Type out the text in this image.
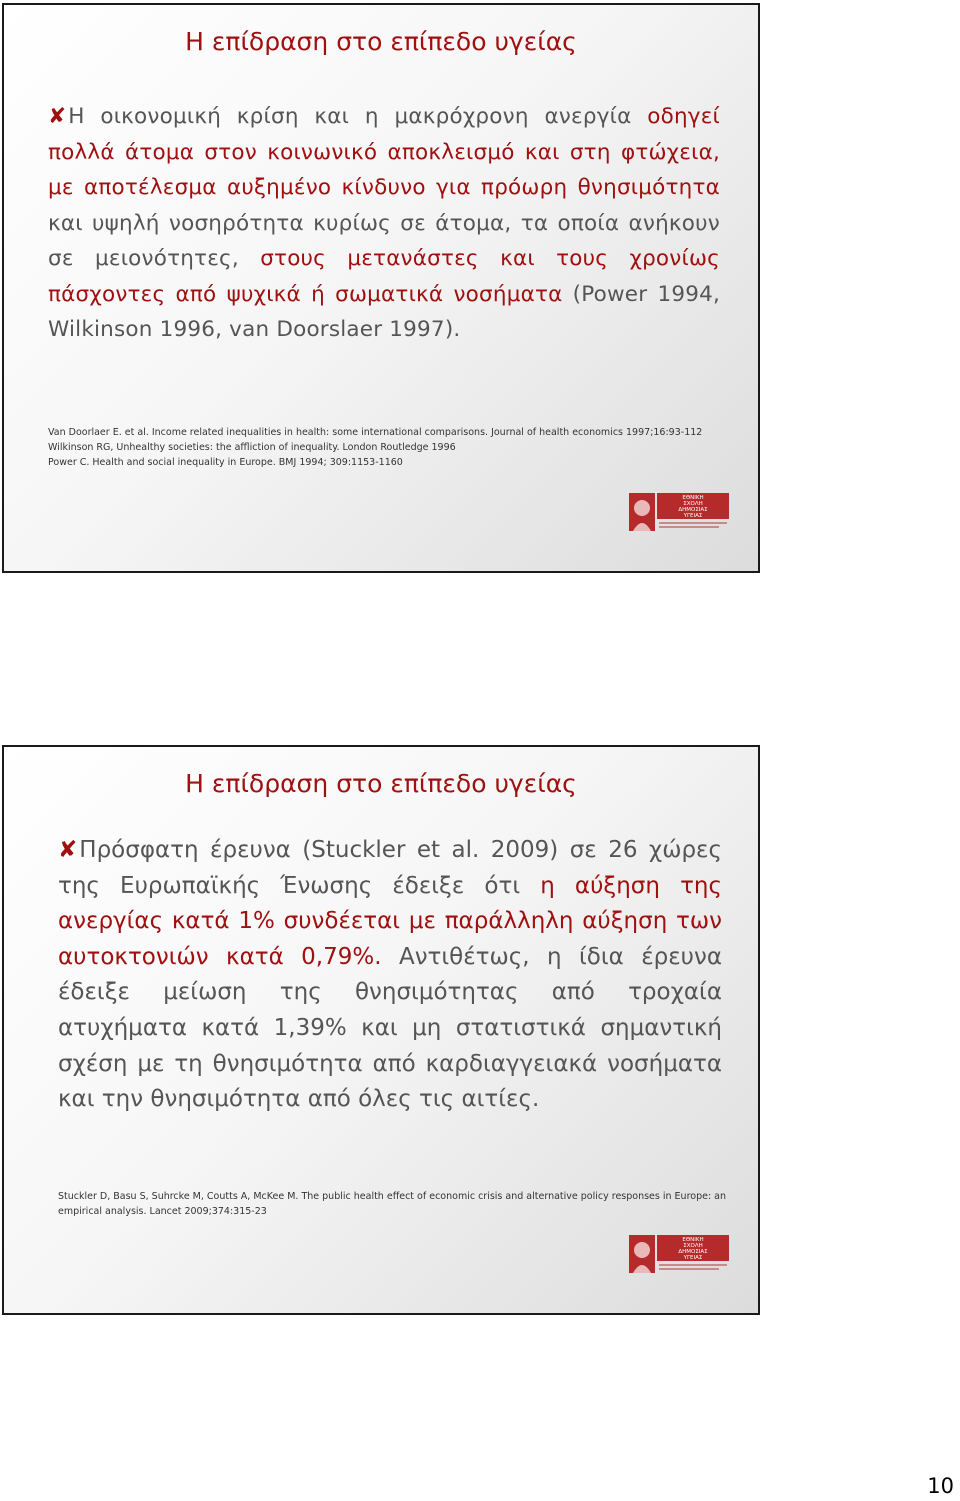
Η επίδραση στο επίπεδο υγείας
✘Η οικονομική κρίση και η μακρόχρονη ανεργία οδηγεί πολλά άτομα στον κοινωνικό αποκλεισμό και στη φτώχεια, με αποτέλεσμα αυξημένο κίνδυνο για πρόωρη θνησιμότητα και υψηλή νοσηρότητα κυρίως σε άτομα, τα οποία ανήκουν σε μειονότητες, στους μετανάστες και τους χρονίως πάσχοντες από ψυχικά ή σωματικά νοσήματα (Power 1994, Wilkinson 1996, van Doorslaer 1997).
Van Doorlaer E. et al. Income related inequalities in health: some international comparisons. Journal of health economics 1997;16:93-112
Wilkinson RG, Unhealthy societies: the affliction of inequality. London Routledge 1996
Power C. Health and social inequality in Europe. BMJ 1994; 309:1153-1160
ΕΘΝΙΚΗ
ΣΧΟΛΗ
ΔΗΜΟΣΙΑΣ
ΥΓΕΙΑΣ
Η επίδραση στο επίπεδο υγείας
✘Πρόσφατη έρευνα (Stuckler et al. 2009) σε 26 χώρες της Ευρωπαϊκής Ένωσης έδειξε ότι η αύξηση της ανεργίας κατά 1% συνδέεται με παράλληλη αύξηση των αυτοκτονιών κατά 0,79%. Αντιθέτως, η ίδια έρευνα έδειξε μείωση της θνησιμότητας από τροχαία ατυχήματα κατά 1,39% και μη στατιστικά σημαντική σχέση με τη θνησιμότητα από καρδιαγγειακά νοσήματα και την θνησιμότητα από όλες τις αιτίες.
Stuckler D, Basu S, Suhrcke M, Coutts A, McKee M. The public health effect of economic crisis and alternative policy responses in Europe: an empirical analysis. Lancet 2009;374:315-23
ΕΘΝΙΚΗ
ΣΧΟΛΗ
ΔΗΜΟΣΙΑΣ
ΥΓΕΙΑΣ
10
